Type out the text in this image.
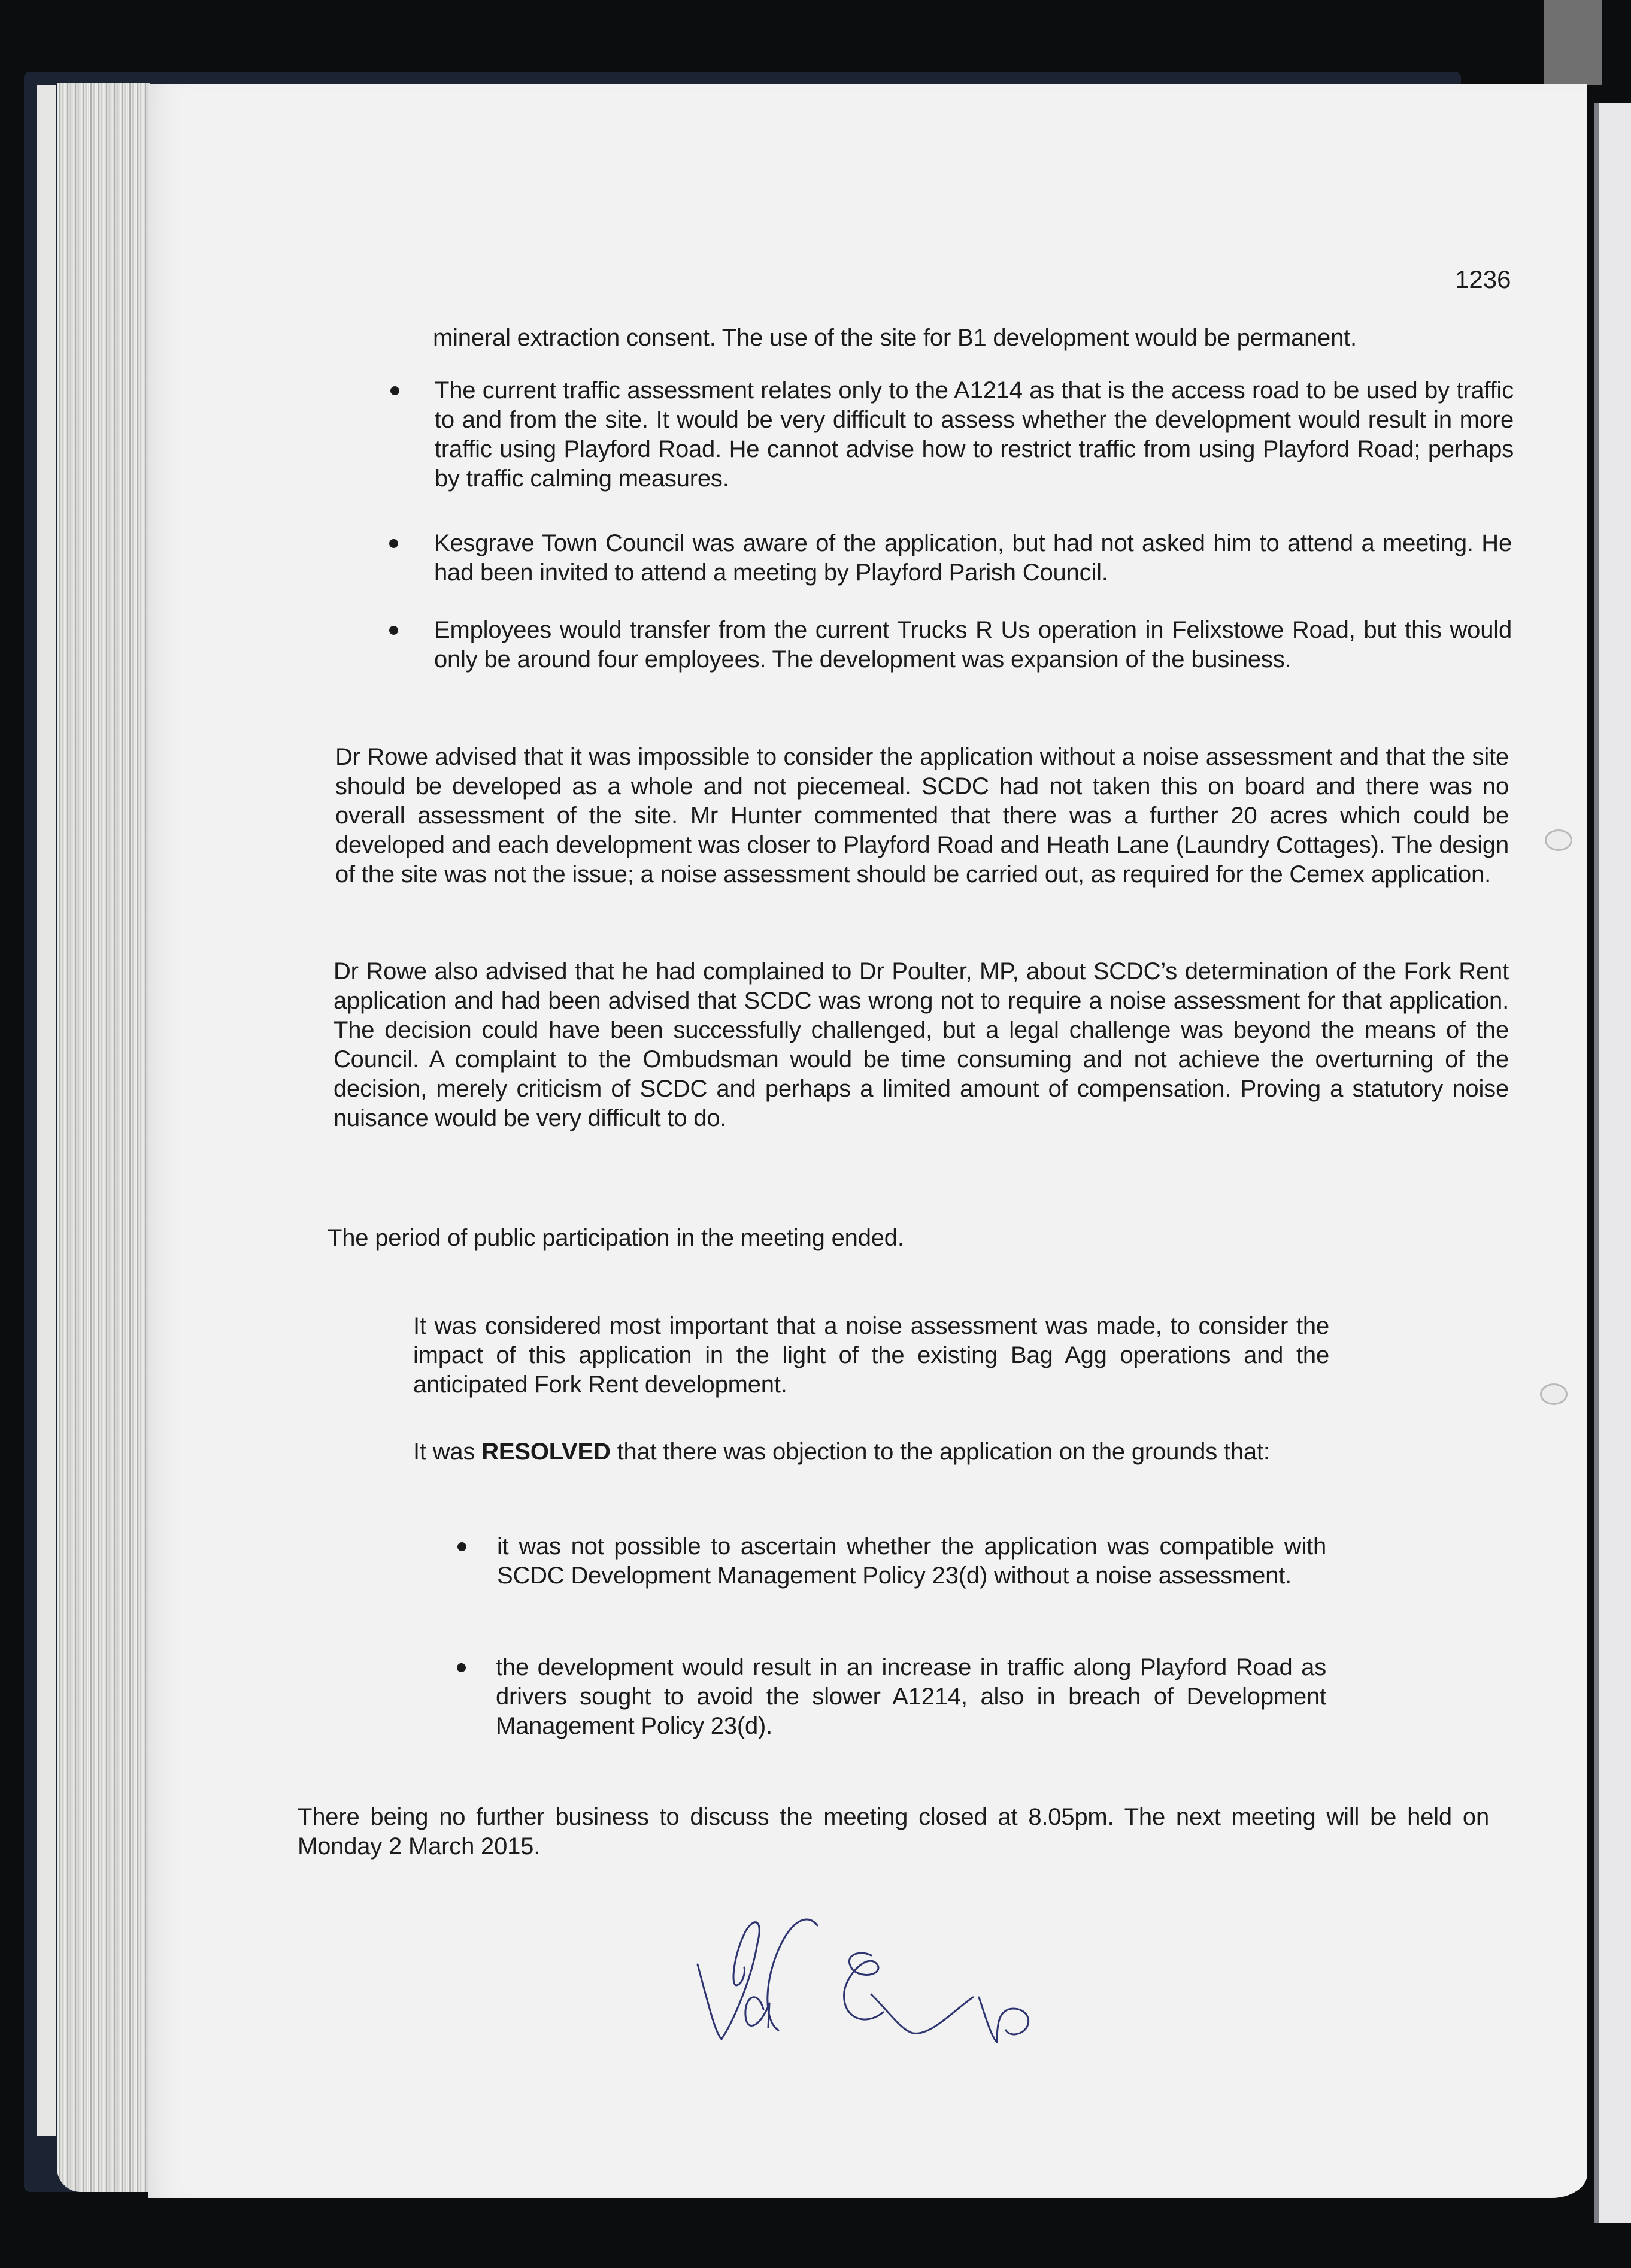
1236
mineral extraction consent. The use of the site for B1 development would be permanent.
The current traffic assessment relates only to the A1214 as that is the access road to be used by traffic to and from the site. It would be very difficult to assess whether the development would result in more traffic using Playford Road. He cannot advise how to restrict traffic from using Playford Road; perhaps by traffic calming measures.
Kesgrave Town Council was aware of the application, but had not asked him to attend a meeting. He had been invited to attend a meeting by Playford Parish Council.
Employees would transfer from the current Trucks R Us operation in Felixstowe Road, but this would only be around four employees. The development was expansion of the business.
Dr Rowe advised that it was impossible to consider the application without a noise assessment and that the site should be developed as a whole and not piecemeal. SCDC had not taken this on board and there was no overall assessment of the site. Mr Hunter commented that there was a further 20 acres which could be developed and each development was closer to Playford Road and Heath Lane (Laundry Cottages). The design of the site was not the issue; a noise assessment should be carried out, as required for the Cemex application.
Dr Rowe also advised that he had complained to Dr Poulter, MP, about SCDC’s determination of the Fork Rent application and had been advised that SCDC was wrong not to require a noise assessment for that application. The decision could have been successfully challenged, but a legal challenge was beyond the means of the Council. A complaint to the Ombudsman would be time consuming and not achieve the overturning of the decision, merely criticism of SCDC and perhaps a limited amount of compensation. Proving a statutory noise nuisance would be very difficult to do.
The period of public participation in the meeting ended.
It was considered most important that a noise assessment was made, to consider the impact of this application in the light of the existing Bag Agg operations and the anticipated Fork Rent development.
It was RESOLVED that there was objection to the application on the grounds that:
it was not possible to ascertain whether the application was compatible with SCDC Development Management Policy 23(d) without a noise assessment.
the development would result in an increase in traffic along Playford Road as drivers sought to avoid the slower A1214, also in breach of Development Management Policy 23(d).
There being no further business to discuss the meeting closed at 8.05pm. The next meeting will be held on Monday 2 March 2015.
